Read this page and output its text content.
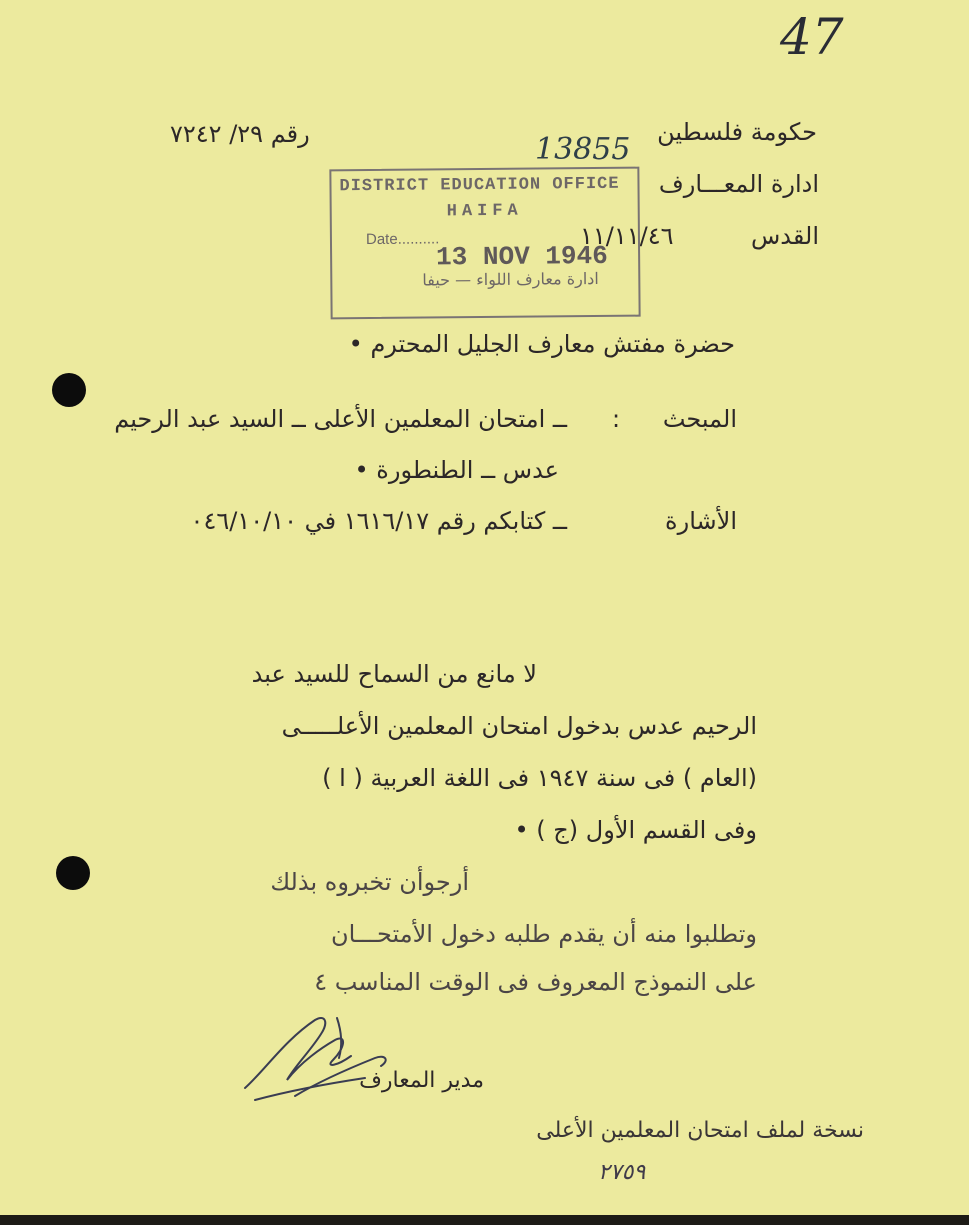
47

حكومة فلسطين

ادارة المعـــارف

القدس

١١/١١/٤٦

رقم ٢٩/ ٧٢٤٢	13855

DISTRICT EDUCATION OFFICE
HAIFA
Date..........
13 NOV 1946
ادارة معارف اللواء — حيفا

حضرة مفتش معارف الجليل المحترم •

المبحث

:

ــ امتحان المعلمين الأعلى ــ السيد عبد الرحيم

عدس ــ الطنطورة •

الأشارة

ــ كتابكم رقم ١٦١٦/١٧ في ٠٤٦/١٠/١٠

لا مانع من السماح للسيد عبد

الرحيم عدس بدخول امتحان المعلمين الأعلـــــى

(العام ) فى سنة ١٩٤٧ فى اللغة العربية ( ا )

وفى القسم الأول (ج ) •

أرجوأن تخبروه بذلك

وتطلبوا منه أن يقدم طلبه دخول الأمتحـــان

على النموذج المعروف فى الوقت المناسب ٤

مدير المعارف

نسخة لملف امتحان المعلمين الأعلى

٢٧٥٩
